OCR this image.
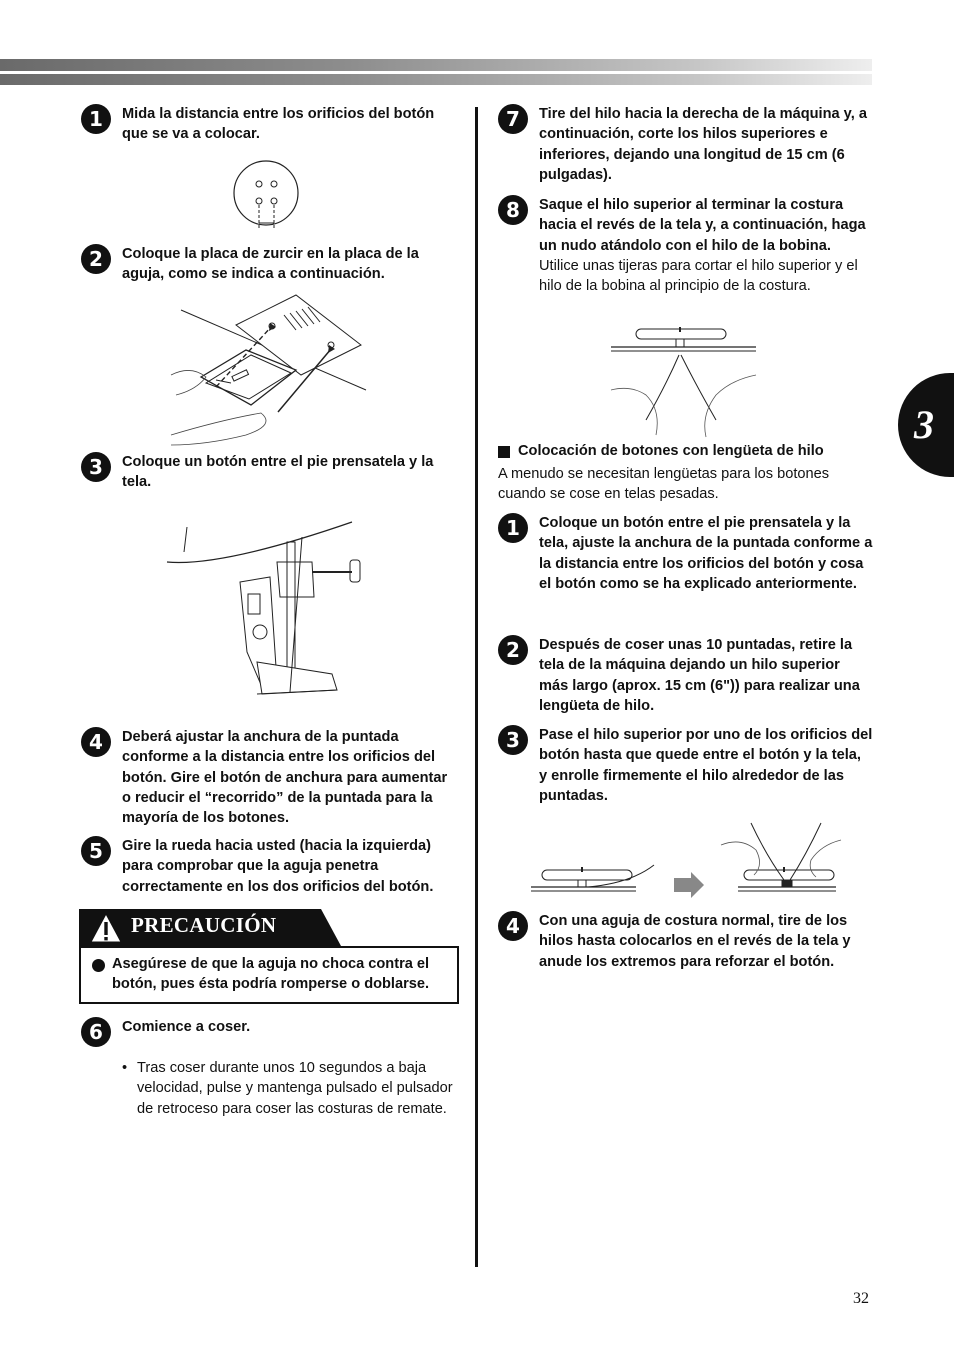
3
1	Mida la distancia entre los orificios del botón que se va a colocar.
2	Coloque la placa de zurcir en la placa de la aguja, como se indica a continuación.
3	Coloque un botón entre el pie prensatela y la tela.
4	Deberá ajustar la anchura de la puntada conforme a la distancia entre los orificios del botón. Gire el botón de anchura para aumentar o reducir el “recorrido” de la puntada para la mayoría de los botones.
5	Gire la rueda hacia usted (hacia la izquierda) para comprobar que la aguja penetra correctamente en los dos orificios del botón.
PRECAUCIÓN
Asegúrese de que la aguja no choca contra el botón, pues ésta podría romperse o doblarse.
6	Comience a coser.
• Tras coser durante unos 10 segundos a baja velocidad, pulse y mantenga pulsado el pulsador de retroceso para coser las costuras de remate.
7	Tire del hilo hacia la derecha de la máquina y, a continuación, corte los hilos superiores e inferiores, dejando una longitud de 15 cm (6 pulgadas).
8	Saque el hilo superior al terminar la costura hacia el revés de la tela y, a continuación, haga un nudo atándolo con el hilo de la bobina.
Utilice unas tijeras para cortar el hilo superior y el hilo de la bobina al principio de la costura.
Colocación de botones con lengüeta de hilo
A menudo se necesitan lengüetas para los botones cuando se cose en telas pesadas.
1	Coloque un botón entre el pie prensatela y la tela, ajuste la anchura de la puntada conforme a la distancia entre los orificios del botón y cosa el botón como se ha explicado anteriormente.
2	Después de coser unas 10 puntadas, retire la tela de la máquina dejando un hilo superior más largo (aprox. 15 cm (6")) para realizar una lengüeta de hilo.
3	Pase el hilo superior por uno de los orificios del botón hasta que quede entre el botón y la tela, y enrolle firmemente el hilo alrededor de las puntadas.
4	Con una aguja de costura normal, tire de los hilos hasta colocarlos en el revés de la tela y anude los extremos para reforzar el botón.
32
